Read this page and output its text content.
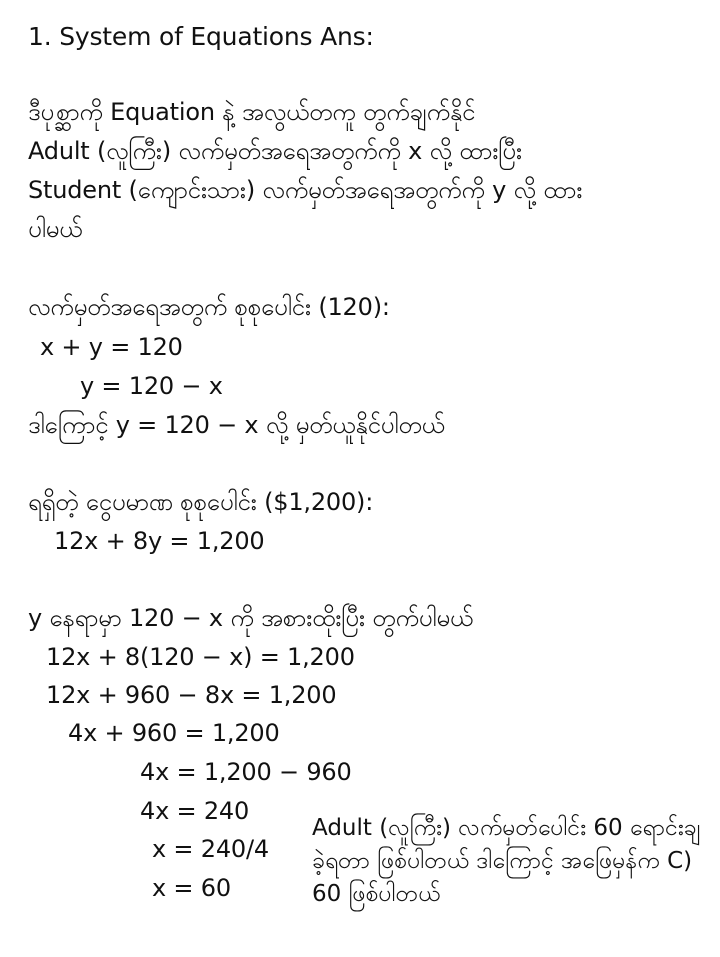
1. System of Equations Ans:
ဒီပုစ္ဆာကို Equation နဲ့ အလွယ်တကူ တွက်ချက်နိုင်
Adult (လူကြီး) လက်မှတ်အရေအတွက်ကို x လို့ ထားပြီး
Student (ကျောင်းသား) လက်မှတ်အရေအတွက်ကို y လို့ ထား
ပါမယ်
လက်မှတ်အရေအတွက် စုစုပေါင်း (120):
x + y = 120
y = 120 − x
ဒါကြောင့် y = 120 − x လို့ မှတ်ယူနိုင်ပါတယ်
ရရှိတဲ့ ငွေပမာဏ စုစုပေါင်း ($1,200):
12x + 8y = 1,200
y နေရာမှာ 120 − x ကို အစားထိုးပြီး တွက်ပါမယ်
12x + 8(120 − x) = 1,200
12x + 960 − 8x = 1,200
4x + 960 = 1,200
4x = 1,200 − 960
4x = 240
x = 240/4
x = 60
Adult (လူကြီး) လက်မှတ်ပေါင်း 60 ရောင်းချခဲ့ရတာ ဖြစ်ပါတယ် ဒါကြောင့် အဖြေမှန်က C) 60 ဖြစ်ပါတယ်
